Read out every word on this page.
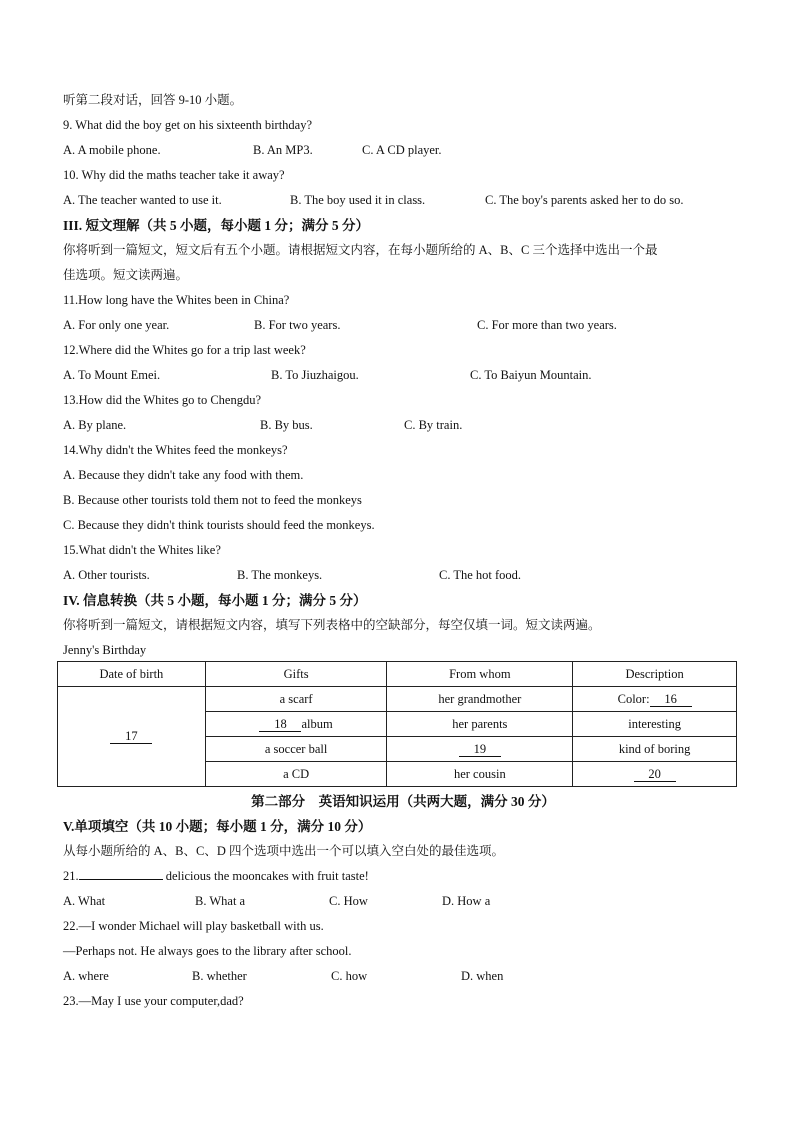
听第二段对话，回答 9-10 小题。
9. What did the boy get on his sixteenth birthday?
A. A mobile phone.	B. An MP3.	C. A CD player.
10. Why did the maths teacher take it away?
A. The teacher wanted to use it.	B. The boy used it in class.	C. The boy's parents asked her to do so.
III. 短文理解（共 5 小题，每小题 1 分；满分 5 分）
你将听到一篇短文，短文后有五个小题。请根据短文内容，在每小题所给的 A、B、C 三个选择中选出一个最
佳选项。短文读两遍。
11.How long have the Whites been in China?
A. For only one year.	B. For two years.	C. For more than two years.
12.Where did the Whites go for a trip last week?
A. To Mount Emei.	B. To Jiuzhaigou.	C. To Baiyun Mountain.
13.How did the Whites go to Chengdu?
A. By plane.	B. By bus.	C. By train.
14.Why didn't the Whites feed the monkeys?
A. Because they didn't take any food with them.
B. Because other tourists told them not to feed the monkeys
C. Because they didn't think tourists should feed the monkeys.
15.What didn't the Whites like?
A. Other tourists.	B. The monkeys.	C. The hot food.
IV. 信息转换（共 5 小题，每小题 1 分；满分 5 分）
你将听到一篇短文，请根据短文内容，填写下列表格中的空缺部分，每空仅填一词。短文读两遍。
Jenny's Birthday
Date of birth	Gifts	From whom	Description
17	a scarf	her grandmother	Color: 16
	18 album	her parents	interesting
	a soccer ball	19	kind of boring
	a CD	her cousin	20
第二部分　英语知识运用（共两大题，满分 30 分）
V.单项填空（共 10 小题；每小题 1 分，满分 10 分）
从每小题所给的 A、B、C、D 四个选项中选出一个可以填入空白处的最佳选项。
21.	delicious the mooncakes with fruit taste!
A. What	B. What a	C. How	D. How a
22.—I wonder Michael will play basketball with us.
—Perhaps not. He always goes to the library after school.
A. where	B. whether	C. how	D. when
23.—May I use your computer,dad?
